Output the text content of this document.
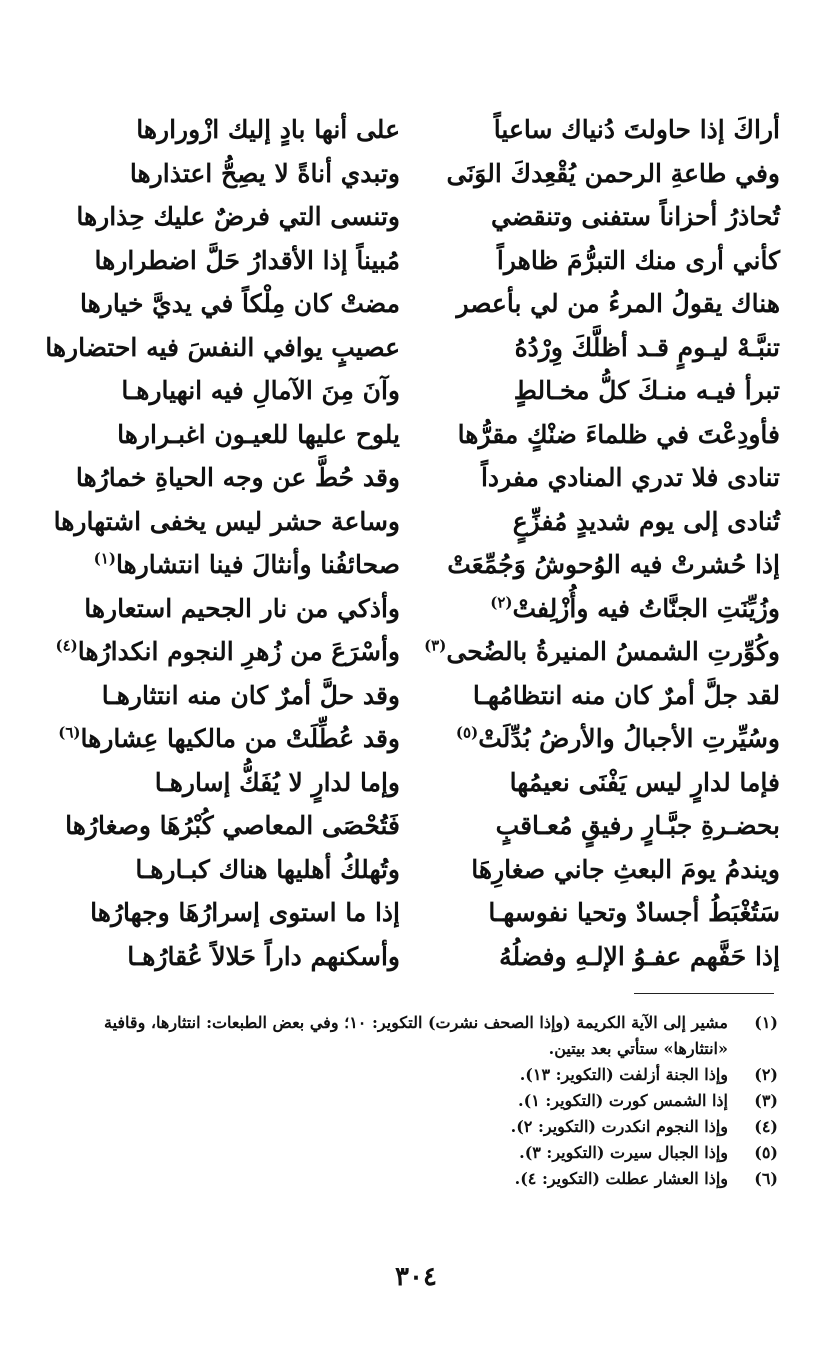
أراكَ إذا حاولتَ دُنياك ساعياً
على أنها بادٍ إليك ازْورارها
وفي طاعةِ الرحمن يُقْعِدكَ الوَنَى
وتبدي أناةً لا يصِحُّ اعتذارها
تُحاذرُ أحزاناً ستفنى وتنقضي
وتنسى التي فرضٌ عليك حِذارها
كأني أرى منك التبرُّمَ ظاهراً
مُبيناً إذا الأقدارُ حَلَّ اضطرارها
هناك يقولُ المرءُ من لي بأعصر
مضتْ كان مِلْكاً في يديَّ خيارها
تنبَّـهْ ليـومٍ قـد أظلَّكَ وِرْدُهُ
عصيبٍ يوافي النفسَ فيه احتضارها
تبرأ فيـه منـكَ كلُّ مخـالطٍ
وآنَ مِنَ الآمالِ فيه انهيارهـا
فأودِعْتَ في ظلماءَ ضنْكٍ مقرُّها
يلوح عليها للعيـون اغبـرارها
تنادى فلا تدري المنادي مفرداً
وقد حُطَّ عن وجه الحياةِ خمارُها
تُنادى إلى يوم شديدٍ مُفزِّعٍ
وساعة حشر ليس يخفى اشتهارها
إذا حُشرتْ فيه الوُحوشُ وَجُمِّعَتْ
صحائفُنا وأنثالَ فينا انتشارها$^{(١)}$
وزُيِّنَتِ الجنَّاتُ فيه وأُزْلِفتْ$^{(٢)}$
وأذكي من نار الجحيم استعارها
وكُوِّرتِ الشمسُ المنيرةُ بالضُحى$^{(٣)}$
وأسْرَعَ من زُهرِ النجوم انكدارُها$^{(٤)}$
لقد جلَّ أمرٌ كان منه انتظامُهـا
وقد حلَّ أمرٌ كان منه انتثارهـا
وسُيِّرتِ الأجبالُ والأرضُ بُدِّلَتْ$^{(٥)}$
وقد عُطِّلَتْ من مالكيها عِشارها$^{(٦)}$
فإما لدارٍ ليس يَفْنَى نعيمُها
وإما لدارٍ لا يُفَكُّ إسارهـا
بحضـرةِ جبَّـارٍ رفيقٍ مُعـاقبٍ
فَتُحْصَى المعاصي كُبْرُهَا وصغارُها
ويندمُ يومَ البعثِ جاني صغارِهَا
وتُهلكُ أهليها هناك كبـارهـا
سَتُغْبَطُ أجسادٌ وتحيا نفوسهـا
إذا ما استوى إسرارُهَا وجهارُها
إذا حَفَّهم عفـوُ الإلـهِ وفضلُهُ
وأسكنهم داراً حَلالاً عُقارُهـا
(١)
مشير إلى الآية الكريمة (وإذا الصحف نشرت) التكوير: ١٠؛ وفي بعض الطبعات: انتثارها، وقافية «انتثارها» ستأتي بعد بيتين.
(٢)
وإذا الجنة أزلفت (التكوير: ١٣).
(٣)
إذا الشمس كورت (التكوير: ١).
(٤)
وإذا النجوم انكدرت (التكوير: ٢).
(٥)
وإذا الجبال سيرت (التكوير: ٣).
(٦)
وإذا العشار عطلت (التكوير: ٤).
٣٠٤
